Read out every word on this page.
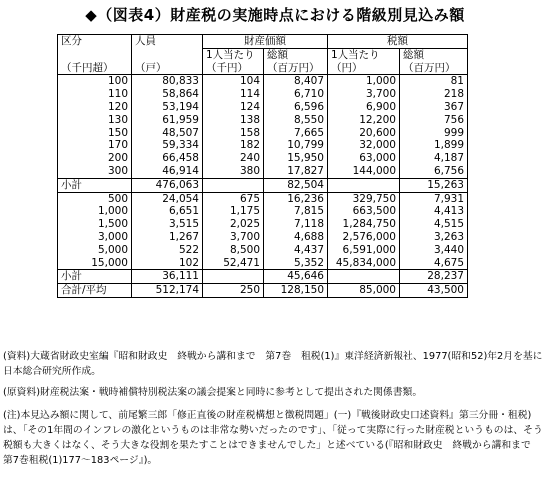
◆（図表4）財産税の実施時点における階級別見込み額
区分	人員	財産価額		税額	
		1人当たり	総額	1人当たり	総額
（千円超）	（戸）	（千円）	（百万円）	（円）	（百万円）
100	80,833	104	8,407	1,000	81
110	58,864	114	6,710	3,700	218
120	53,194	124	6,596	6,900	367
130	61,959	138	8,550	12,200	756
150	48,507	158	7,665	20,600	999
170	59,334	182	10,799	32,000	1,899
200	66,458	240	15,950	63,000	4,187
300	46,914	380	17,827	144,000	6,756
小計	476,063		82,504		15,263
500	24,054	675	16,236	329,750	7,931
1,000	6,651	1,175	7,815	663,500	4,413
1,500	3,515	2,025	7,118	1,284,750	4,515
3,000	1,267	3,700	4,688	2,576,000	3,263
5,000	522	8,500	4,437	6,591,000	3,440
15,000	102	52,471	5,352	45,834,000	4,675
小計	36,111		45,646		28,237
合計/平均	512,174	250	128,150	85,000	43,500
(資料)大蔵省財政史室編『昭和財政史　終戦から講和まで　第7巻　租税(1)』東洋経済新報社、1977(昭和52)年2月を基に日本総合研究所作成。
(原資料)財産税法案・戦時補償特別税法案の議会提案と同時に参考として提出された関係書類。
(注)本見込み額に関して、前尾繁三郎「修正直後の財産税構想と徴税問題」(一)『戦後財政史口述資料』第三分冊・租税)は、「その1年間のインフレの激化というものは非常な勢いだったのです」、「従って実際に行った財産税というものは、そう税額も大きくはなく、そう大きな役割を果たすことはできませんでした」と述べている(『昭和財政史　終戦から講和まで　第7巻租税(1)177～183ページ』)。
